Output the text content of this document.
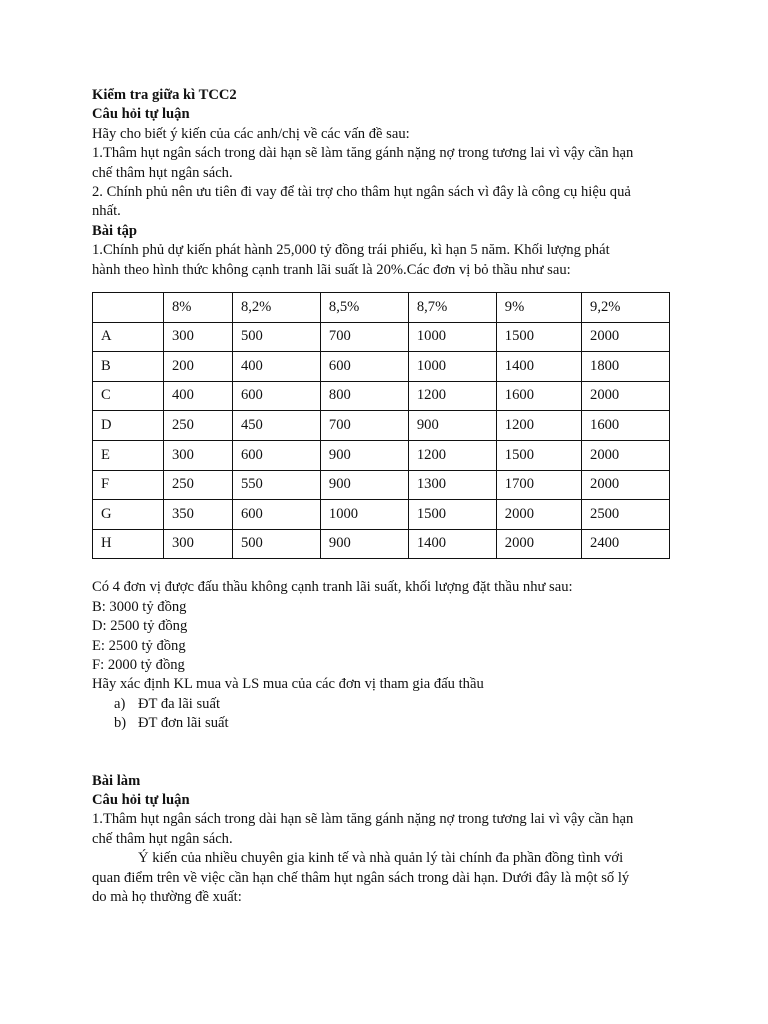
Kiểm tra giữa kì TCC2

Câu hỏi tự luận

Hãy cho biết ý kiến của các anh/chị về các vấn đề sau:

1.Thâm hụt ngân sách trong dài hạn sẽ làm tăng gánh nặng nợ trong tương lai vì vậy cần hạn

chế thâm hụt ngân sách.

2. Chính phủ nên ưu tiên đi vay để tài trợ cho thâm hụt ngân sách vì đây là công cụ hiệu quả

nhất.

Bài tập

1.Chính phủ dự kiến phát hành 25,000 tỷ đồng trái phiếu, kì hạn 5 năm. Khối lượng phát

hành theo hình thức không cạnh tranh lãi suất là 20%.Các đơn vị bỏ thầu như sau:

	8%	8,2%	8,5%	8,7%	9%	9,2%
A	300	500	700	1000	1500	2000
B	200	400	600	1000	1400	1800
C	400	600	800	1200	1600	2000
D	250	450	700	900	1200	1600
E	300	600	900	1200	1500	2000
F	250	550	900	1300	1700	2000
G	350	600	1000	1500	2000	2500
H	300	500	900	1400	2000	2400

Có 4 đơn vị được đấu thầu không cạnh tranh lãi suất, khối lượng đặt thầu như sau:

B: 3000 tỷ đồng

D: 2500 tỷ đồng

E: 2500 tỷ đồng

F: 2000 tỷ đồng

Hãy xác định KL mua và LS mua của các đơn vị tham gia đấu thầu

a) ĐT đa lãi suất
b) ĐT đơn lãi suất

Bài làm

Câu hỏi tự luận

1.Thâm hụt ngân sách trong dài hạn sẽ làm tăng gánh nặng nợ trong tương lai vì vậy cần hạn

chế thâm hụt ngân sách.

Ý kiến của nhiều chuyên gia kinh tế và nhà quản lý tài chính đa phần đồng tình với

quan điểm trên về việc cần hạn chế thâm hụt ngân sách trong dài hạn. Dưới đây là một số lý

do mà họ thường đề xuất:
